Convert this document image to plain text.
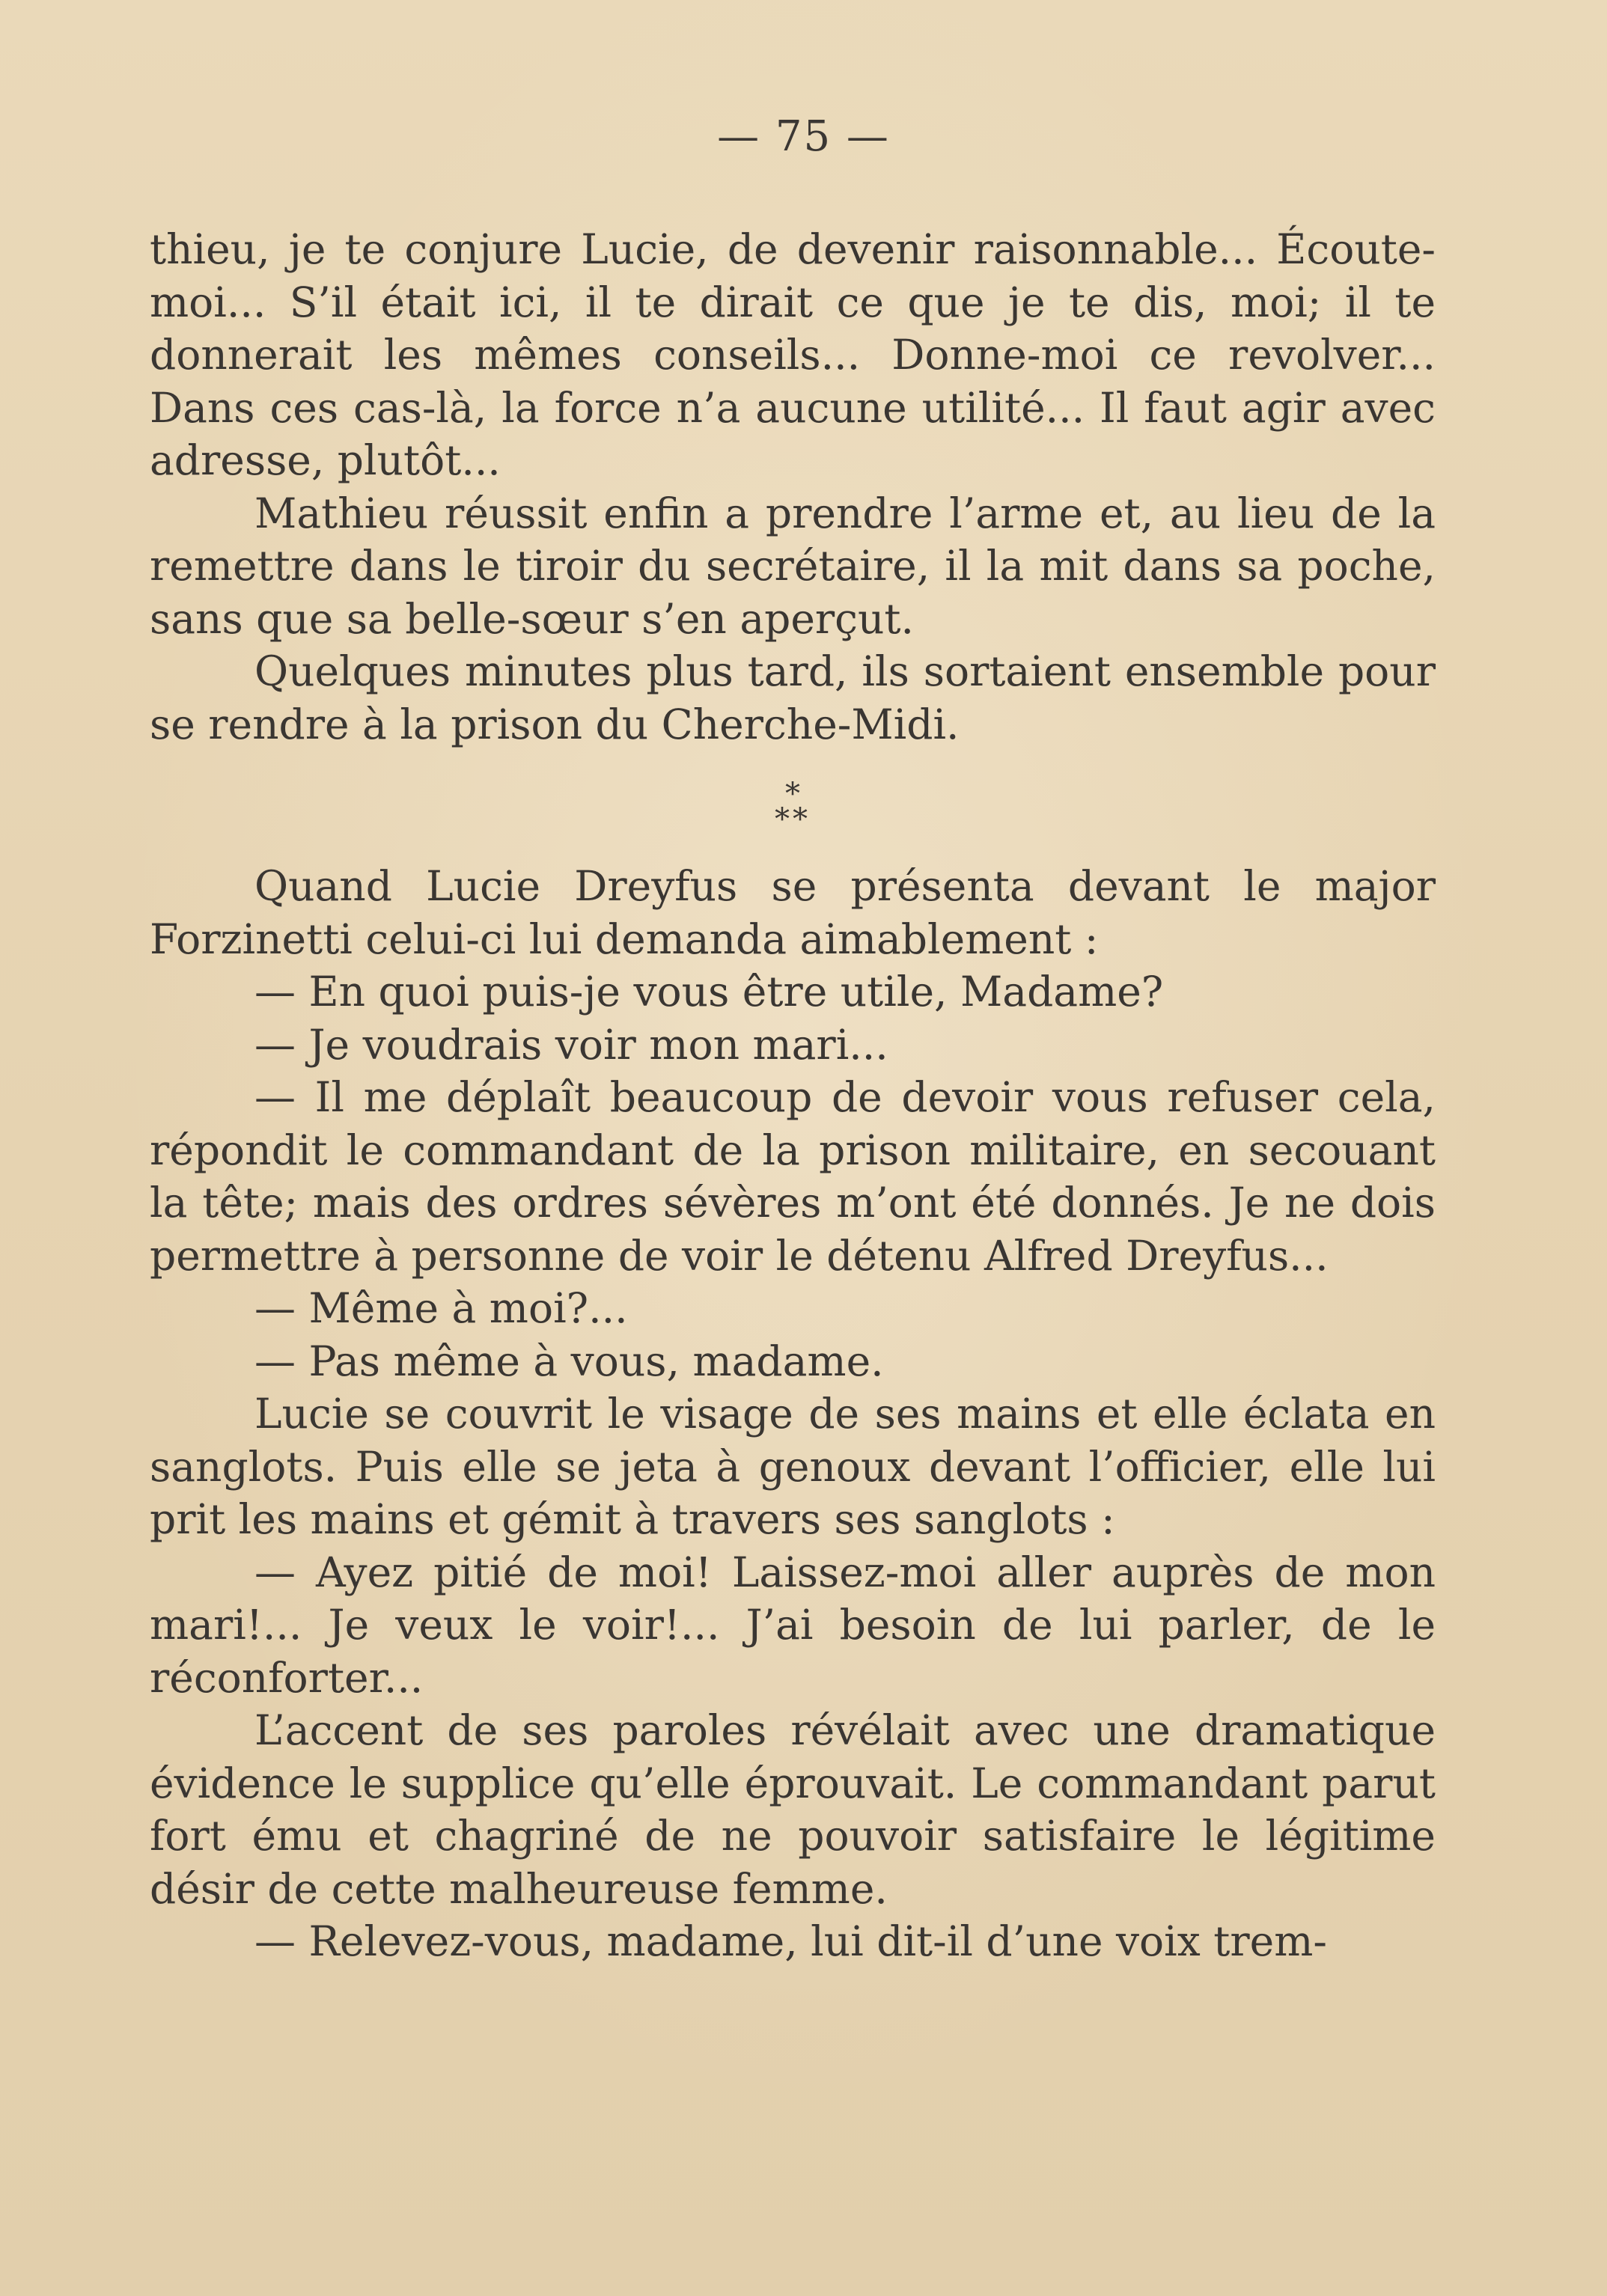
— 75 —

thieu, je te conjure Lucie, de devenir raisonnable... Écoute-moi... S’il était ici, il te dirait ce que je te dis, moi; il te donnerait les mêmes conseils... Donne-moi ce revolver... Dans ces cas-là, la force n’a aucune utilité... Il faut agir avec adresse, plutôt...

Mathieu réussit enfin a prendre l’arme et, au lieu de la remettre dans le tiroir du secrétaire, il la mit dans sa poche, sans que sa belle-sœur s’en aperçut.

Quelques minutes plus tard, ils sortaient ensemble pour se rendre à la prison du Cherche-Midi.

*
**

Quand Lucie Dreyfus se présenta devant le major Forzinetti celui-ci lui demanda aimablement :

— En quoi puis-je vous être utile, Madame?

— Je voudrais voir mon mari...

— Il me déplaît beaucoup de devoir vous refuser cela, répondit le commandant de la prison militaire, en secouant la tête; mais des ordres sévères m’ont été donnés. Je ne dois permettre à personne de voir le détenu Alfred Dreyfus...

— Même à moi?...

— Pas même à vous, madame.

Lucie se couvrit le visage de ses mains et elle éclata en sanglots. Puis elle se jeta à genoux devant l’officier, elle lui prit les mains et gémit à travers ses sanglots :

— Ayez pitié de moi! Laissez-moi aller auprès de mon mari!... Je veux le voir!... J’ai besoin de lui parler, de le réconforter...

L’accent de ses paroles révélait avec une dramatique évidence le supplice qu’elle éprouvait. Le commandant parut fort ému et chagriné de ne pouvoir satisfaire le légitime désir de cette malheureuse femme.

— Relevez-vous, madame, lui dit-il d’une voix trem-
